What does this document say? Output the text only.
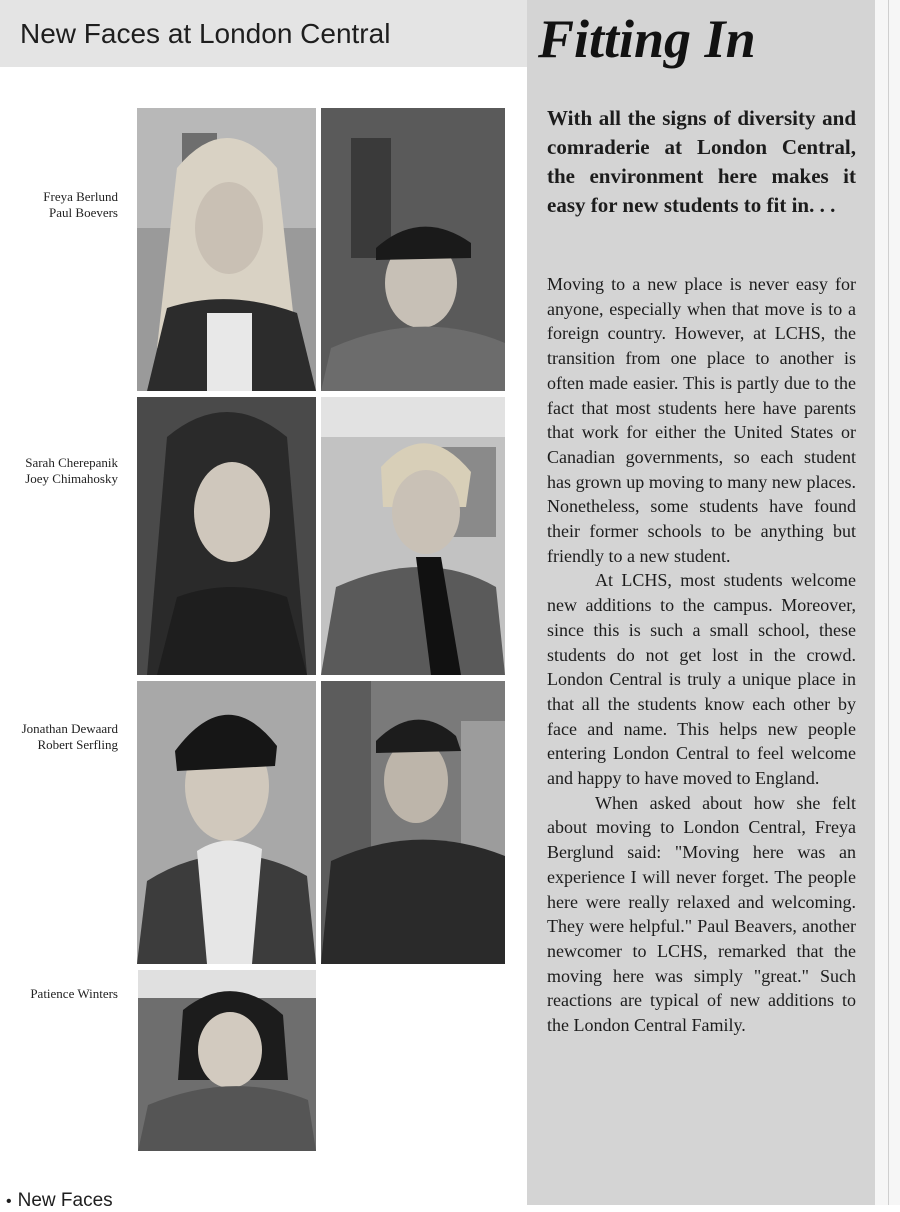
New Faces at London Central	Fitting In

With all the signs of diversity and comraderie at London Central, the environment here makes it easy for new students to fit in. . .

Moving to a new place is never easy for anyone, especially when that move is to a foreign country. However, at LCHS, the transition from one place to another is often made easier. This is partly due to the fact that most students here have parents that work for either the United States or Canadian governments, so each student has grown up moving to many new places. Nonetheless, some students have found their former schools to be anything but friendly to a new student.

At LCHS, most students welcome new additions to the campus. Moreover, since this is such a small school, these students do not get lost in the crowd. London Central is truly a unique place in that all the students know each other by face and name. This helps new people entering London Central to feel welcome and happy to have moved to England.

When asked about how she felt about moving to London Central, Freya Berglund said: "Moving here was an experience I will never forget. The people here were really relaxed and welcoming. They were helpful." Paul Beavers, another newcomer to LCHS, remarked that the moving here was simply "great." Such reactions are typical of new additions to the London Central Family.

Freya Berlund
Paul Boevers

Sarah Cherepanik
Joey Chimahosky

Jonathan Dewaard
Robert Serfling

Patience Winters

• New Faces
